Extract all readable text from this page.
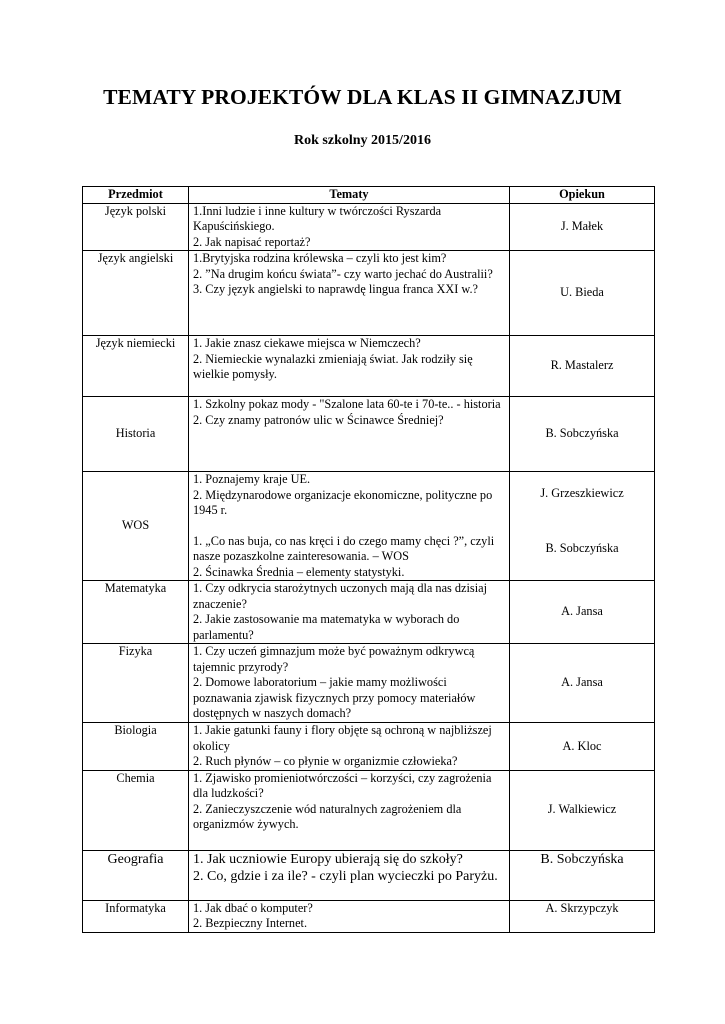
TEMATY PROJEKTÓW DLA KLAS II GIMNAZJUM
Rok szkolny 2015/2016
Przedmiot	Tematy	Opiekun
Język polski	1.Inni ludzie i inne kultury w twórczości Ryszarda Kapuścińskiego.
2. Jak napisać reportaż?	J. Małek
Język angielski	1.Brytyjska rodzina królewska – czyli kto jest kim?
2. ”Na drugim końcu świata”- czy warto jechać do Australii?
3. Czy język angielski to naprawdę lingua franca XXI w.?	U. Bieda
Język niemiecki	1. Jakie znasz ciekawe miejsca w Niemczech?
2. Niemieckie wynalazki zmieniają świat. Jak rodziły się wielkie pomysły.	R. Mastalerz
Historia	1. Szkolny pokaz mody - "Szalone lata 60-te i 70-te.. - historia
2. Czy znamy patronów ulic w Ścinawce Średniej?	B. Sobczyńska
WOS	1. Poznajemy kraje UE.
2. Międzynarodowe organizacje ekonomiczne, polityczne po 1945 r.
1. „Co nas buja, co nas kręci i do czego mamy chęci ?”, czyli nasze pozaszkolne zainteresowania. – WOS
2. Ścinawka Średnia – elementy statystyki.	J. Grzeszkiewicz
B. Sobczyńska

Matematyka	1. Czy odkrycia starożytnych uczonych mają dla nas dzisiaj znaczenie?
2. Jakie zastosowanie ma matematyka w wyborach do parlamentu?	A. Jansa
Fizyka	1. Czy uczeń gimnazjum może być poważnym odkrywcą tajemnic przyrody?
2. Domowe laboratorium – jakie mamy możliwości poznawania zjawisk fizycznych przy pomocy materiałów dostępnych w naszych domach?	A. Jansa
Biologia	1. Jakie gatunki fauny i flory objęte są ochroną w najbliższej okolicy
2. Ruch płynów – co płynie w organizmie człowieka?	A. Kloc
Chemia	1. Zjawisko promieniotwórczości – korzyści, czy zagrożenia dla ludzkości?
2. Zanieczyszczenie wód naturalnych zagrożeniem dla organizmów żywych.	J. Walkiewicz
Geografia	1. Jak uczniowie Europy ubierają się do szkoły?
2. Co, gdzie i za ile? - czyli plan wycieczki po Paryżu.	B. Sobczyńska
Informatyka	1. Jak dbać o komputer?
2. Bezpieczny Internet.	A. Skrzypczyk
